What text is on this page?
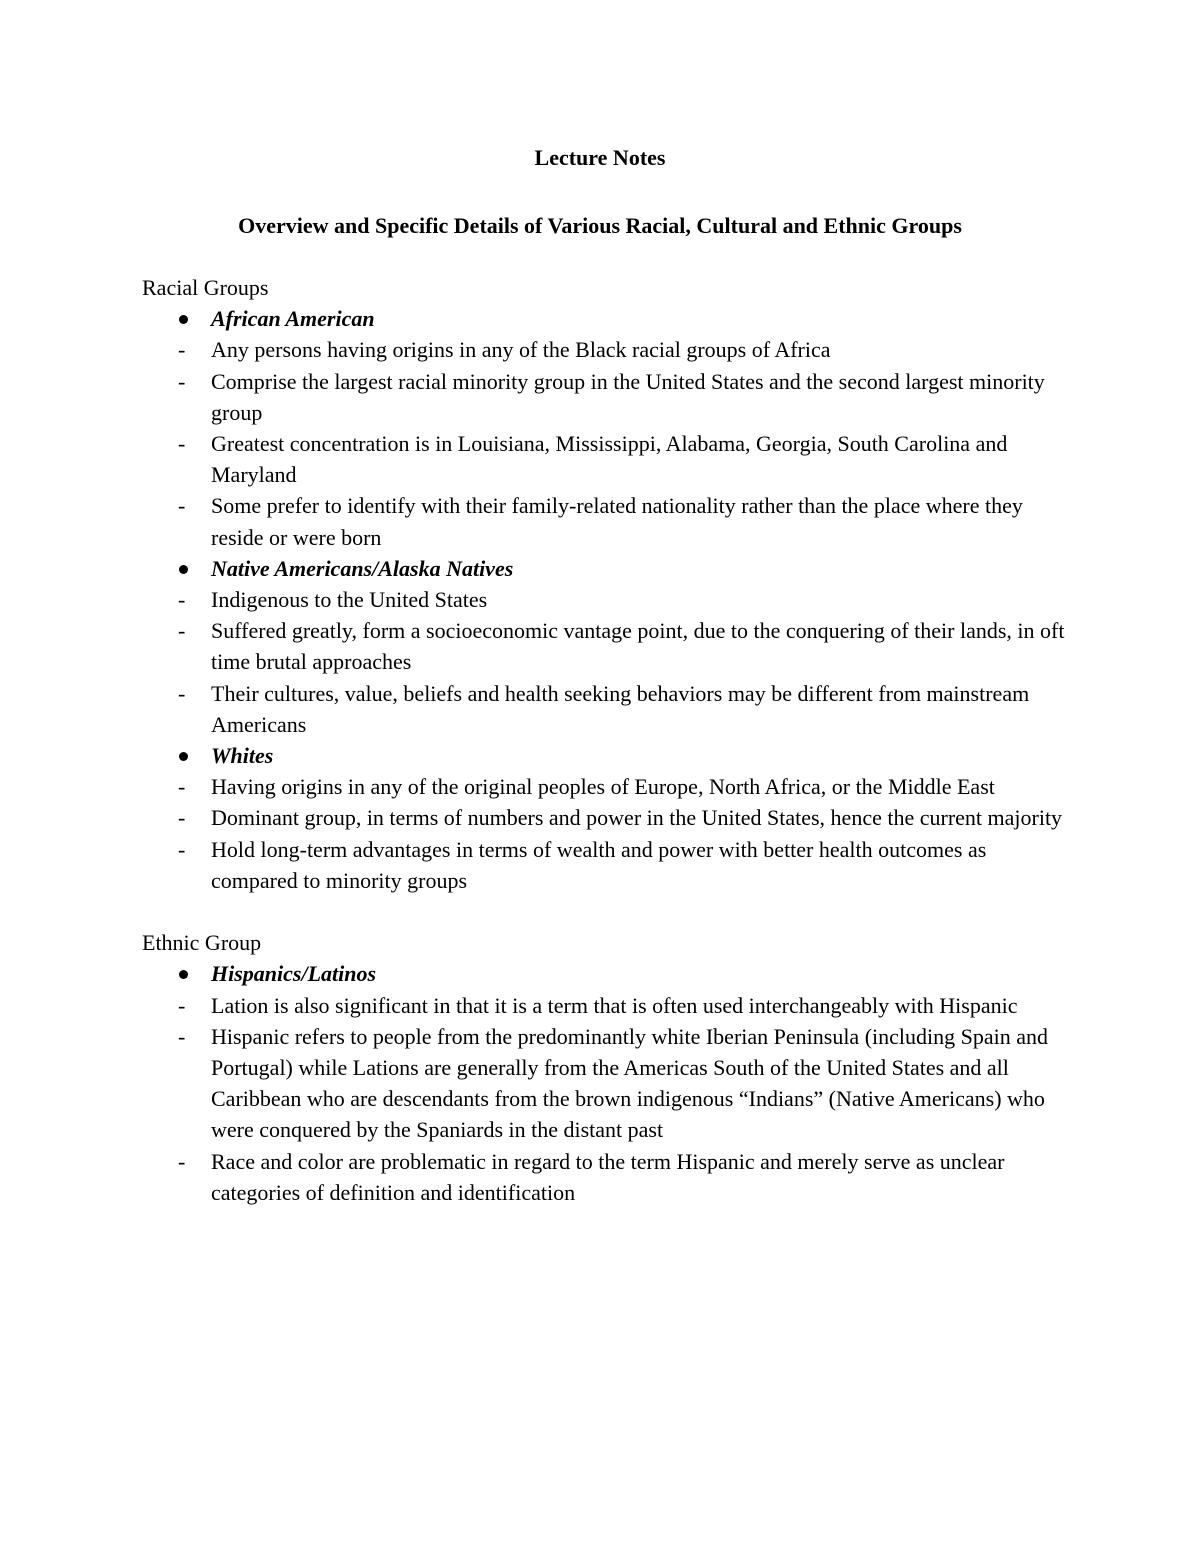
Lecture Notes
Overview and Specific Details of Various Racial, Cultural and Ethnic Groups
Racial Groups
African American
- Any persons having origins in any of the Black racial groups of Africa
- Comprise the largest racial minority group in the United States and the second largest minority group
- Greatest concentration is in Louisiana, Mississippi, Alabama, Georgia, South Carolina and Maryland
- Some prefer to identify with their family-related nationality rather than the place where they reside or were born
Native Americans/Alaska Natives
- Indigenous to the United States
- Suffered greatly, form a socioeconomic vantage point, due to the conquering of their lands, in oft time brutal approaches
- Their cultures, value, beliefs and health seeking behaviors may be different from mainstream Americans
Whites
- Having origins in any of the original peoples of Europe, North Africa, or the Middle East
- Dominant group, in terms of numbers and power in the United States, hence the current majority
- Hold long-term advantages in terms of wealth and power with better health outcomes as compared to minority groups
Ethnic Group
Hispanics/Latinos
- Lation is also significant in that it is a term that is often used interchangeably with Hispanic
- Hispanic refers to people from the predominantly white Iberian Peninsula (including Spain and Portugal) while Lations are generally from the Americas South of the United States and all Caribbean who are descendants from the brown indigenous “Indians” (Native Americans) who were conquered by the Spaniards in the distant past
- Race and color are problematic in regard to the term Hispanic and merely serve as unclear categories of definition and identification
